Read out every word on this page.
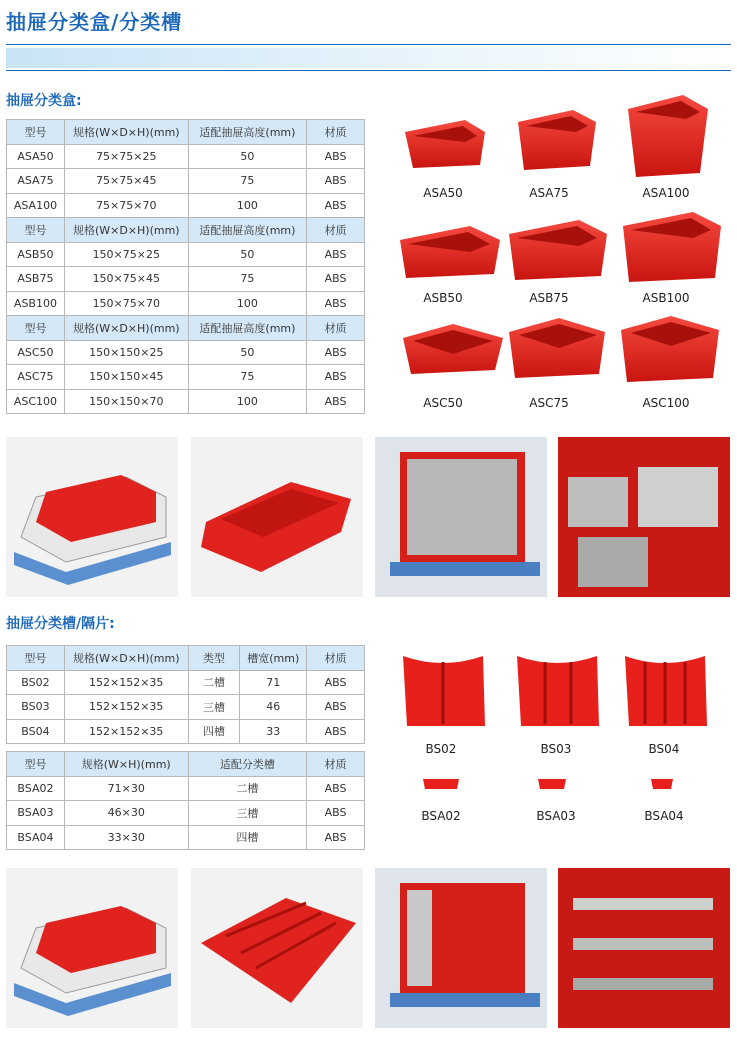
抽屉分类盒/分类槽
抽屉分类盒:
型号	规格(W×D×H)(mm)	适配抽屉高度(mm)	材质
ASA50	75×75×25	50	ABS
ASA75	75×75×45	75	ABS
ASA100	75×75×70	100	ABS
型号	规格(W×D×H)(mm)	适配抽屉高度(mm)	材质
ASB50	150×75×25	50	ABS
ASB75	150×75×45	75	ABS
ASB100	150×75×70	100	ABS
型号	规格(W×D×H)(mm)	适配抽屉高度(mm)	材质
ASC50	150×150×25	50	ABS
ASC75	150×150×45	75	ABS
ASC100	150×150×70	100	ABS
ASA50	ASA75	ASA100
ASB50	ASB75	ASB100
ASC50	ASC75	ASC100
抽屉分类槽/隔片:
型号	规格(W×D×H)(mm)	类型	槽宽(mm)	材质
BS02	152×152×35	二槽	71	ABS
BS03	152×152×35	三槽	46	ABS
BS04	152×152×35	四槽	33	ABS
型号	规格(W×H)(mm)	适配分类槽	材质
BSA02	71×30	二槽	ABS
BSA03	46×30	三槽	ABS
BSA04	33×30	四槽	ABS
BS02	BS03	BS04
BSA02	BSA03	BSA04
